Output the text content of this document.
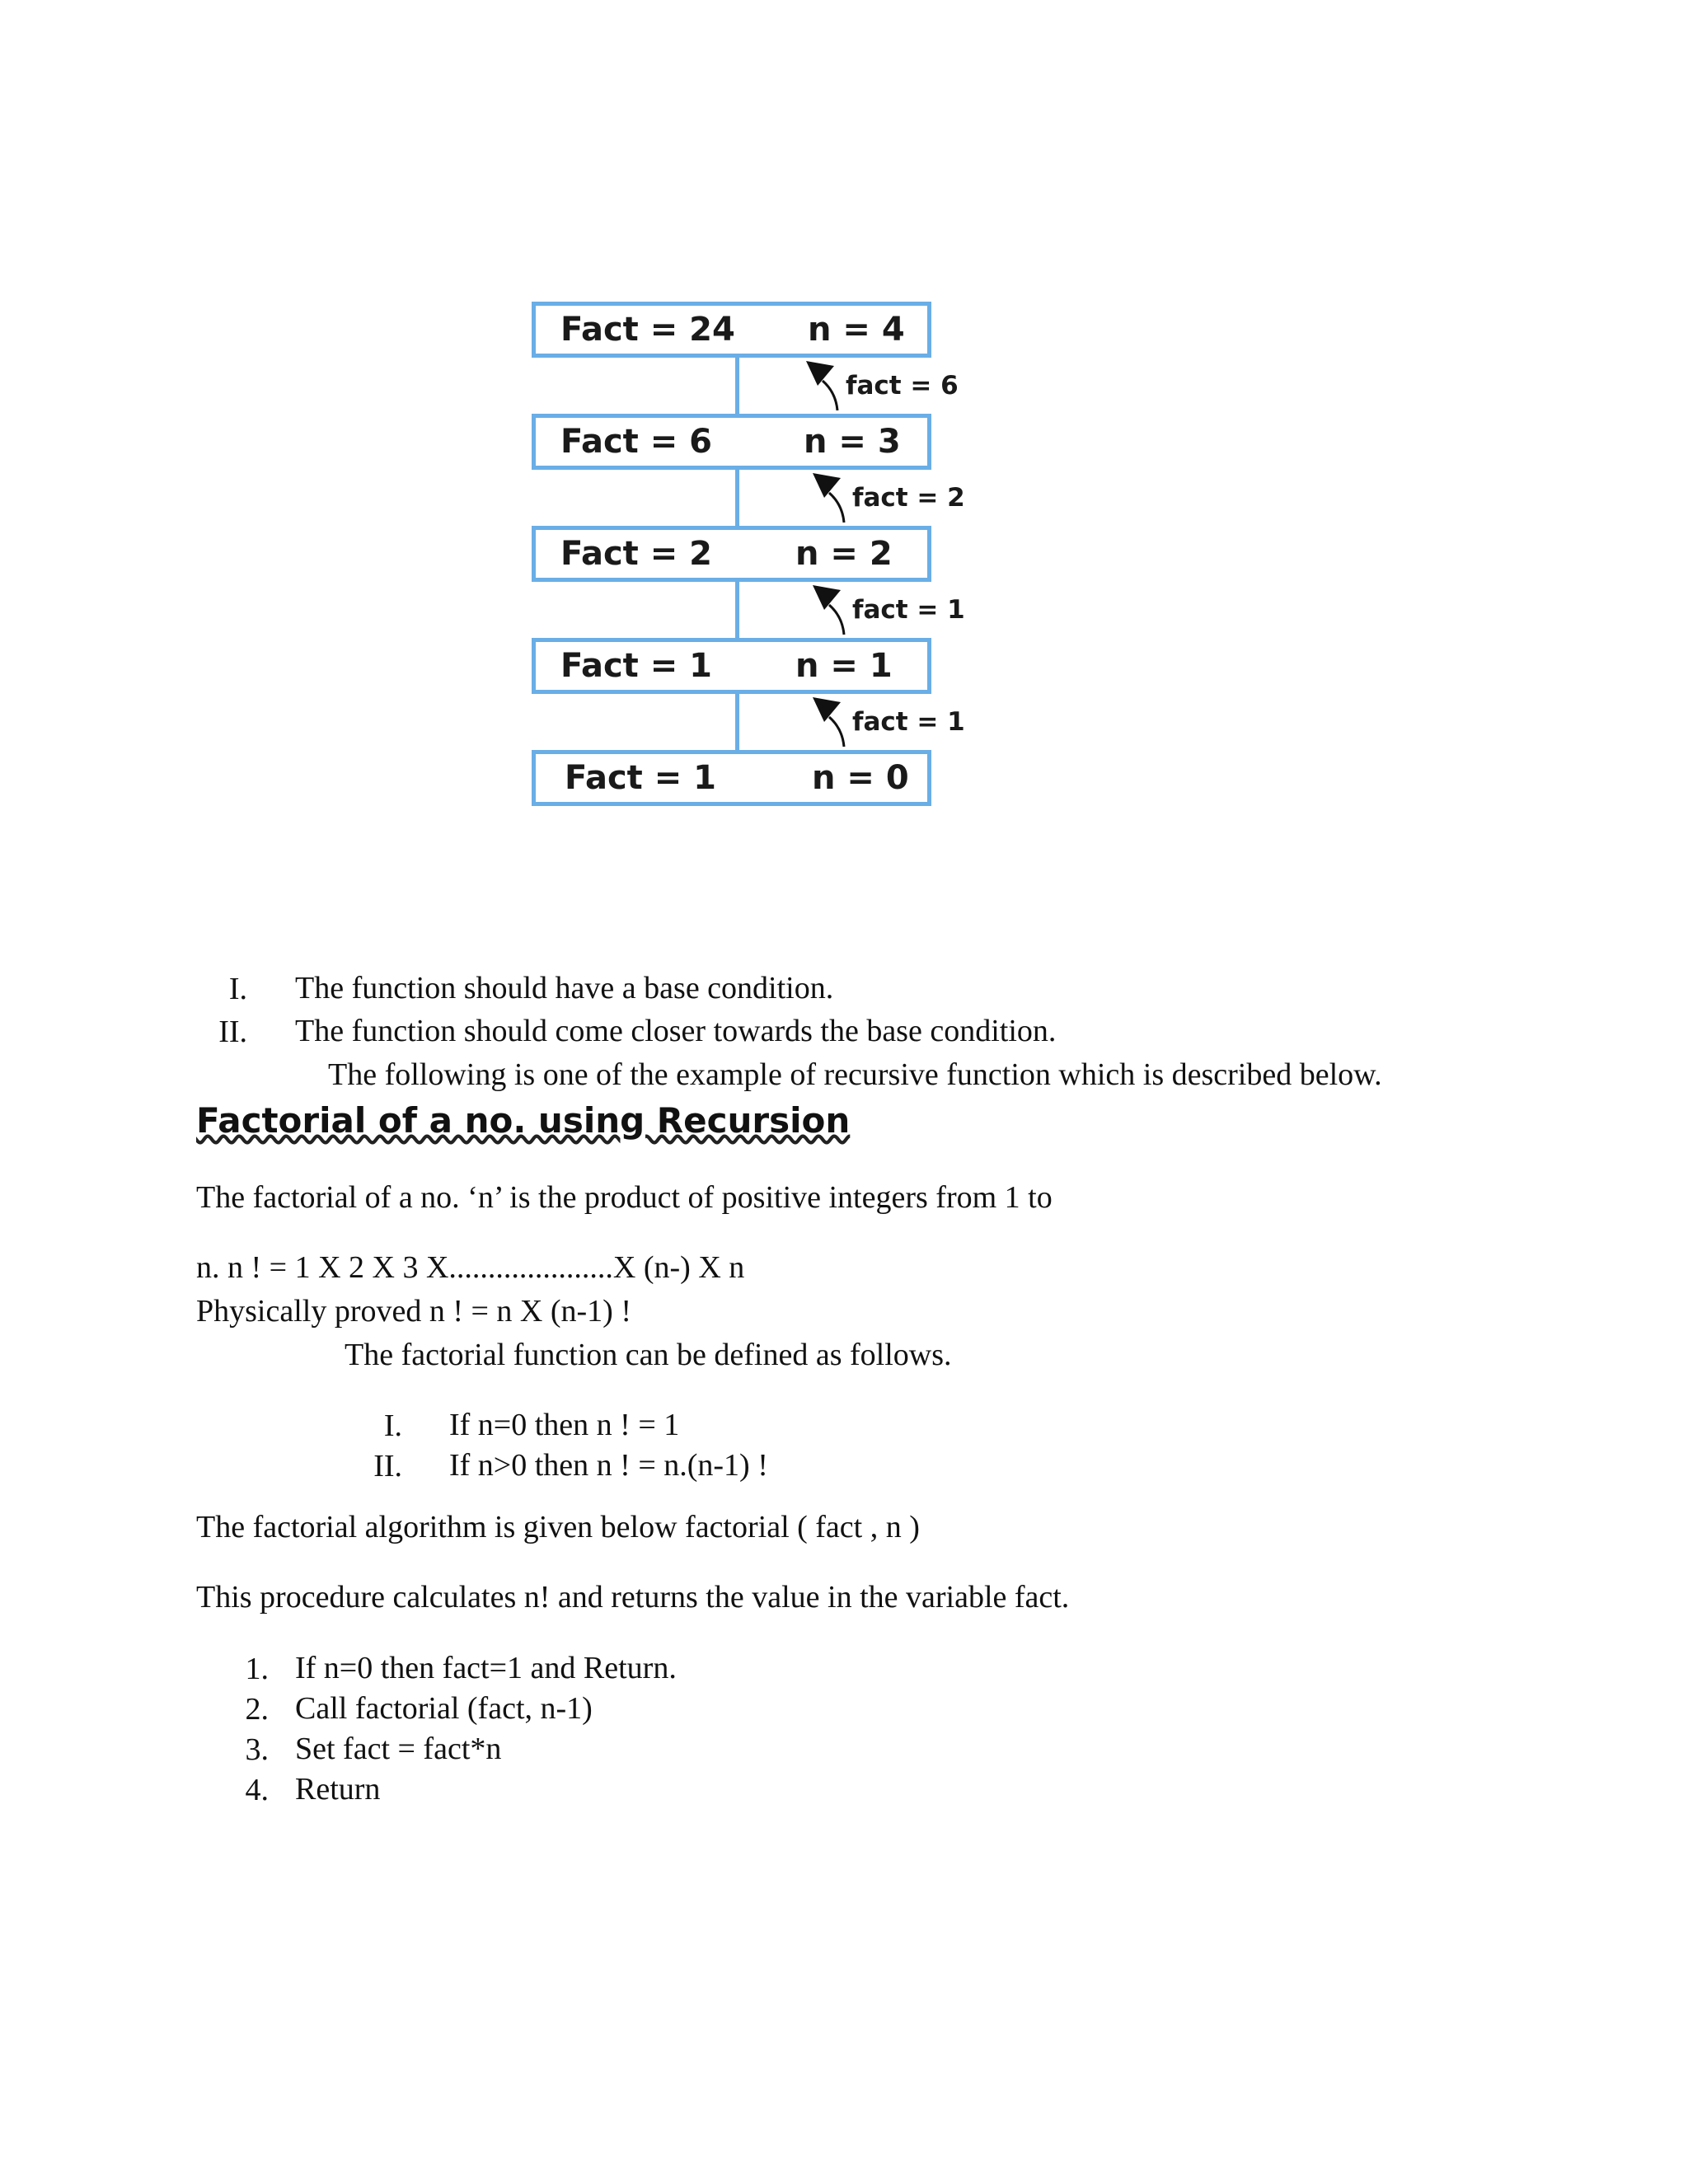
Fact = 24 n = 4
fact = 6
Fact = 6	n = 3
fact = 2
Fact = 2	n = 2
fact = 1
Fact = 1	n = 1
fact = 1
Fact = 1	n = 0
I. The function should have a base condition.
II. The function should come closer towards the base condition.
The following is one of the example of recursive function which is described below.
Factorial of a no. using Recursion
The factorial of a no. ‘n’ is the product of positive integers from 1 to
n. n ! = 1 X 2 X 3 X.....................X (n-) X n
Physically proved n ! = n X (n-1) !
The factorial function can be defined as follows.
I. If n=0 then n ! = 1
II. If n>0 then n ! = n.(n-1) !
The factorial algorithm is given below factorial ( fact , n )
This procedure calculates n! and returns the value in the variable fact.
1. If n=0 then fact=1 and Return.
2. Call factorial (fact, n-1)
3. Set fact = fact*n
4. Return
